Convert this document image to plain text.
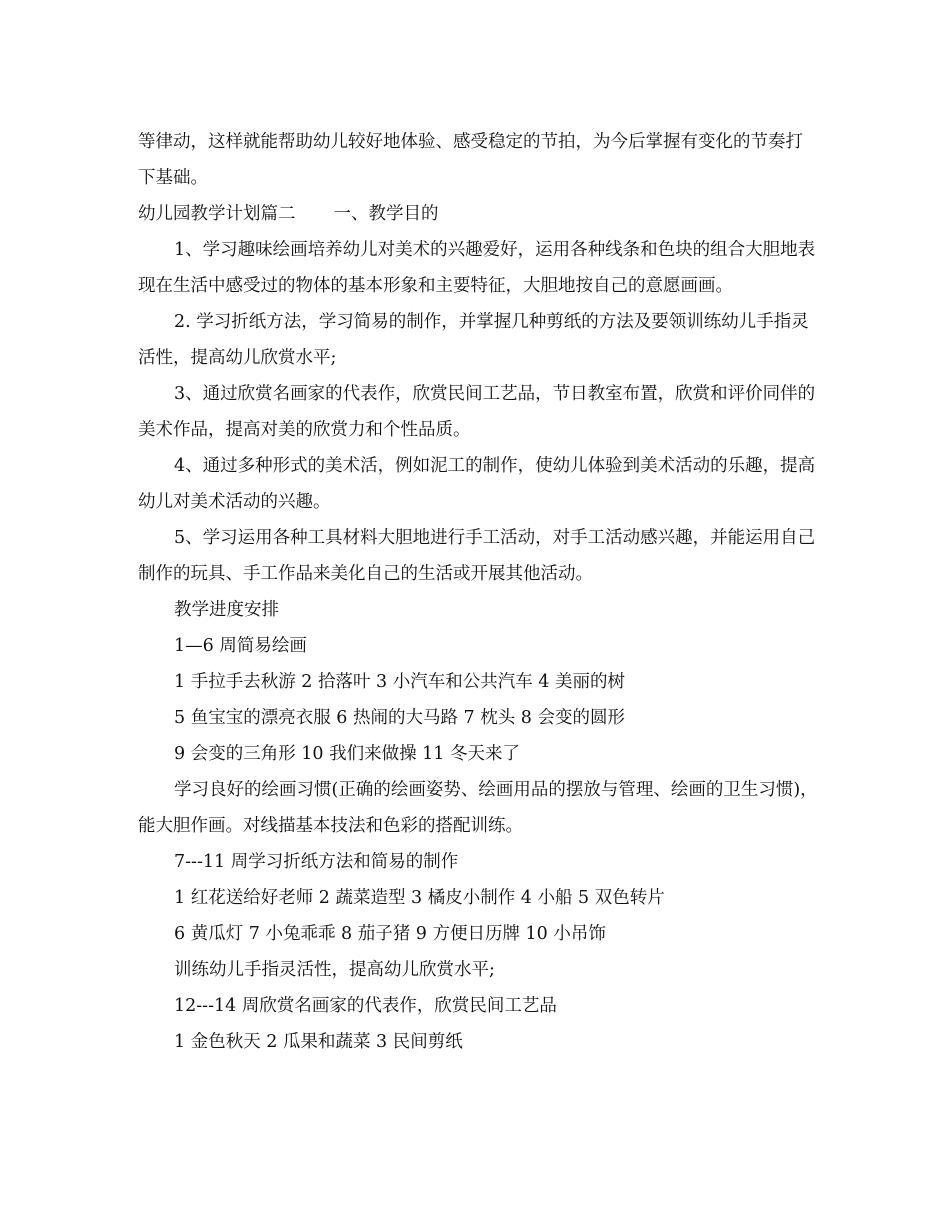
等律动，这样就能帮助幼儿较好地体验、感受稳定的节拍，为今后掌握有变化的节奏打下基础。

幼儿园教学计划篇二 一、教学目的

1、学习趣味绘画培养幼儿对美术的兴趣爱好，运用各种线条和色块的组合大胆地表现在生活中感受过的物体的基本形象和主要特征，大胆地按自己的意愿画画。

2. 学习折纸方法，学习简易的制作，并掌握几种剪纸的方法及要领训练幼儿手指灵活性，提高幼儿欣赏水平;

3、通过欣赏名画家的代表作，欣赏民间工艺品，节日教室布置，欣赏和评价同伴的美术作品，提高对美的欣赏力和个性品质。

4、通过多种形式的美术活，例如泥工的制作，使幼儿体验到美术活动的乐趣，提高幼儿对美术活动的兴趣。

5、学习运用各种工具材料大胆地进行手工活动，对手工活动感兴趣，并能运用自己制作的玩具、手工作品来美化自己的生活或开展其他活动。

教学进度安排

1—6 周简易绘画

1 手拉手去秋游 2 拾落叶 3 小汽车和公共汽车 4 美丽的树

5 鱼宝宝的漂亮衣服 6 热闹的大马路 7 枕头 8 会变的圆形

9 会变的三角形 10 我们来做操 11 冬天来了

学习良好的绘画习惯(正确的绘画姿势、绘画用品的摆放与管理、绘画的卫生习惯)，能大胆作画。对线描基本技法和色彩的搭配训练。

7---11 周学习折纸方法和简易的制作

1 红花送给好老师 2 蔬菜造型 3 橘皮小制作 4 小船 5 双色转片

6 黄瓜灯 7 小兔乖乖 8 茄子猪 9 方便日历牌 10 小吊饰

训练幼儿手指灵活性，提高幼儿欣赏水平;

12---14 周欣赏名画家的代表作，欣赏民间工艺品

1 金色秋天 2 瓜果和蔬菜 3 民间剪纸
